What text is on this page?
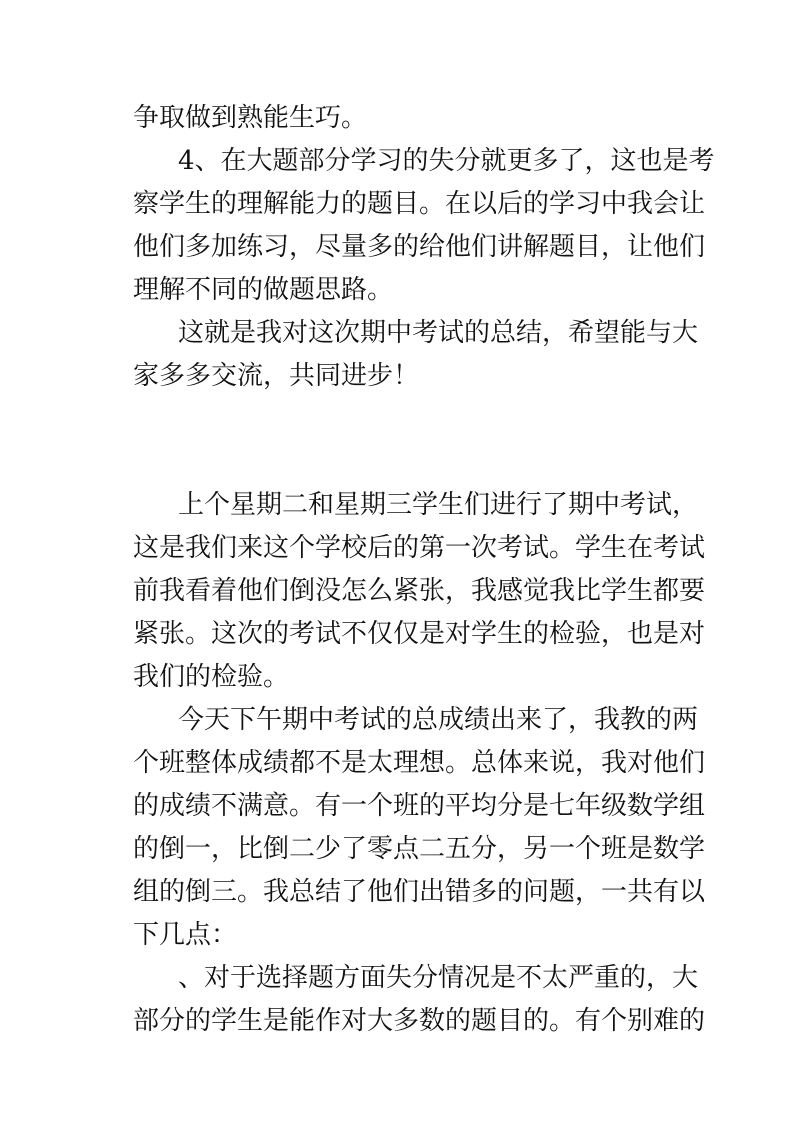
争取做到熟能生巧。
4、在大题部分学习的失分就更多了，这也是考
察学生的理解能力的题目。在以后的学习中我会让
他们多加练习，尽量多的给他们讲解题目，让他们
理解不同的做题思路。
这就是我对这次期中考试的总结，希望能与大
家多多交流，共同进步！
上个星期二和星期三学生们进行了期中考试，
这是我们来这个学校后的第一次考试。学生在考试
前我看着他们倒没怎么紧张，我感觉我比学生都要
紧张。这次的考试不仅仅是对学生的检验，也是对
我们的检验。
今天下午期中考试的总成绩出来了，我教的两
个班整体成绩都不是太理想。总体来说，我对他们
的成绩不满意。有一个班的平均分是七年级数学组
的倒一，比倒二少了零点二五分，另一个班是数学
组的倒三。我总结了他们出错多的问题，一共有以
下几点：
、对于选择题方面失分情况是不太严重的，大
部分的学生是能作对大多数的题目的。有个别难的
